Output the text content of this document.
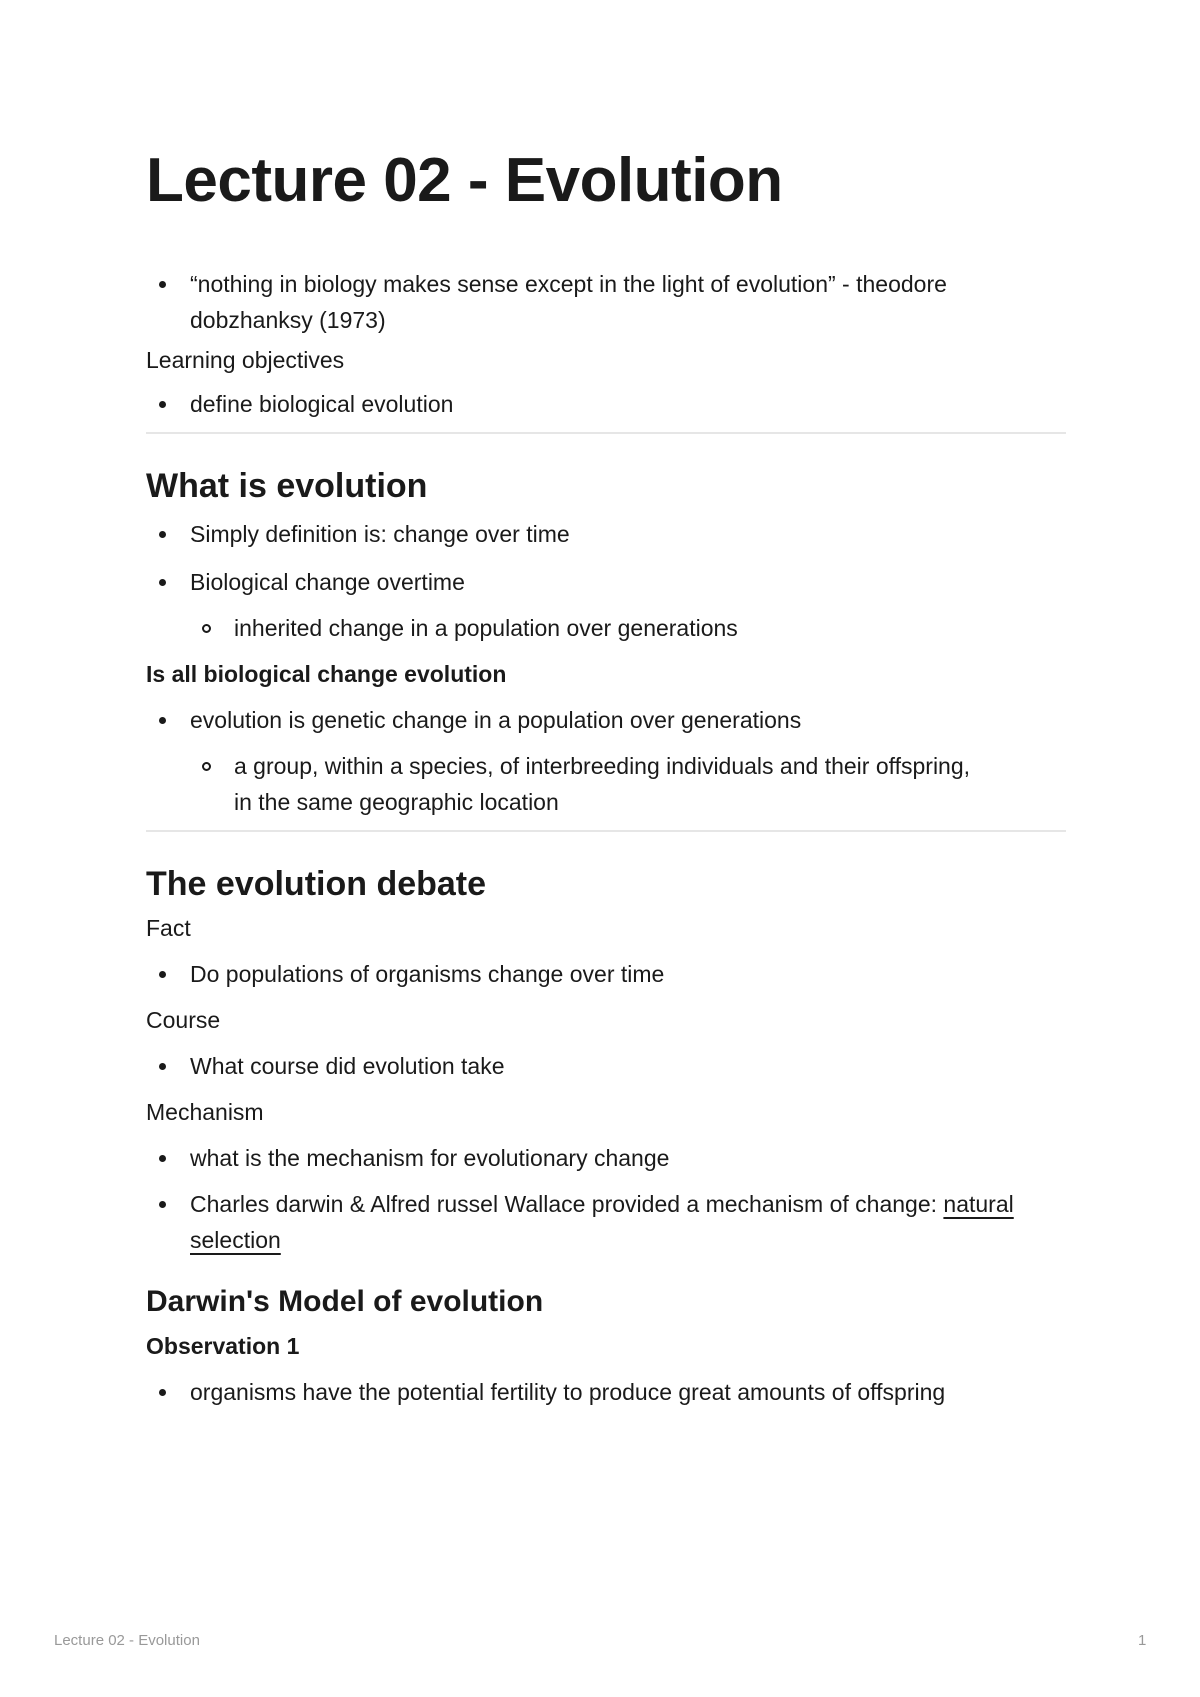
Lecture 02 - Evolution
“nothing in biology makes sense except in the light of evolution” - theodore dobzhanksy (1973)
Learning objectives
define biological evolution
What is evolution
Simply definition is: change over time
Biological change overtime
inherited change in a population over generations
Is all biological change evolution
evolution is genetic change in a population over generations
a group, within a species, of interbreeding individuals and their offspring, in the same geographic location
The evolution debate
Fact
Do populations of organisms change over time
Course
What course did evolution take
Mechanism
what is the mechanism for evolutionary change
Charles darwin & Alfred russel Wallace provided a mechanism of change: natural selection
Darwin's Model of evolution
Observation 1
organisms have the potential fertility to produce great amounts of offspring
Lecture 02 - Evolution	1
